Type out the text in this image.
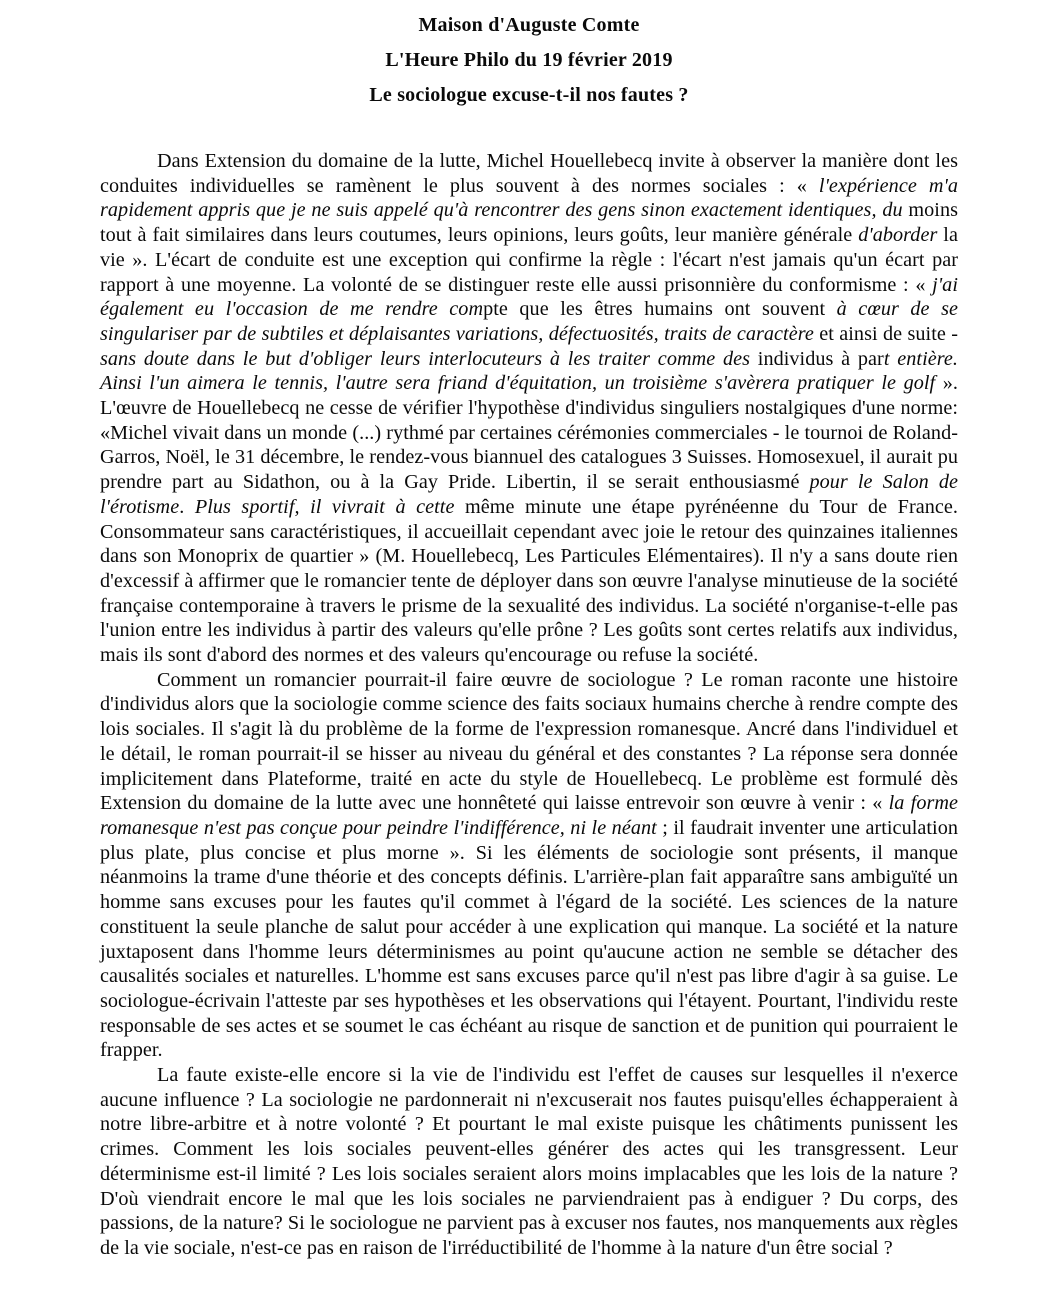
Maison d'Auguste Comte
L'Heure Philo du 19 février 2019
Le sociologue excuse-t-il nos fautes ?

Dans Extension du domaine de la lutte, Michel Houellebecq invite à observer la manière dont les conduites individuelles se ramènent le plus souvent à des normes sociales : « l'expérience m'a rapidement appris que je ne suis appelé qu'à rencontrer des gens sinon exactement identiques, du moins tout à fait similaires dans leurs coutumes, leurs opinions, leurs goûts, leur manière générale d'aborder la vie ». L'écart de conduite est une exception qui confirme la règle : l'écart n'est jamais qu'un écart par rapport à une moyenne. La volonté de se distinguer reste elle aussi prisonnière du conformisme : « j'ai également eu l'occasion de me rendre compte que les êtres humains ont souvent à cœur de se singulariser par de subtiles et déplaisantes variations, défectuosités, traits de caractère et ainsi de suite - sans doute dans le but d'obliger leurs interlocuteurs à les traiter comme des individus à part entière. Ainsi l'un aimera le tennis, l'autre sera friand d'équitation, un troisième s'avèrera pratiquer le golf ». L'œuvre de Houellebecq ne cesse de vérifier l'hypothèse d'individus singuliers nostalgiques d'une norme: «Michel vivait dans un monde (...) rythmé par certaines cérémonies commerciales - le tournoi de Roland-Garros, Noël, le 31 décembre, le rendez-vous biannuel des catalogues 3 Suisses. Homosexuel, il aurait pu prendre part au Sidathon, ou à la Gay Pride. Libertin, il se serait enthousiasmé pour le Salon de l'érotisme. Plus sportif, il vivrait à cette même minute une étape pyrénéenne du Tour de France. Consommateur sans caractéristiques, il accueillait cependant avec joie le retour des quinzaines italiennes dans son Monoprix de quartier » (M. Houellebecq, Les Particules Elémentaires). Il n'y a sans doute rien d'excessif à affirmer que le romancier tente de déployer dans son œuvre l'analyse minutieuse de la société française contemporaine à travers le prisme de la sexualité des individus. La société n'organise-t-elle pas l'union entre les individus à partir des valeurs qu'elle prône ? Les goûts sont certes relatifs aux individus, mais ils sont d'abord des normes et des valeurs qu'encourage ou refuse la société.

Comment un romancier pourrait-il faire œuvre de sociologue ? Le roman raconte une histoire d'individus alors que la sociologie comme science des faits sociaux humains cherche à rendre compte des lois sociales. Il s'agit là du problème de la forme de l'expression romanesque. Ancré dans l'individuel et le détail, le roman pourrait-il se hisser au niveau du général et des constantes ? La réponse sera donnée implicitement dans Plateforme, traité en acte du style de Houellebecq. Le problème est formulé dès Extension du domaine de la lutte avec une honnêteté qui laisse entrevoir son œuvre à venir : « la forme romanesque n'est pas conçue pour peindre l'indifférence, ni le néant ; il faudrait inventer une articulation plus plate, plus concise et plus morne ». Si les éléments de sociologie sont présents, il manque néanmoins la trame d'une théorie et des concepts définis. L'arrière-plan fait apparaître sans ambiguïté un homme sans excuses pour les fautes qu'il commet à l'égard de la société. Les sciences de la nature constituent la seule planche de salut pour accéder à une explication qui manque. La société et la nature juxtaposent dans l'homme leurs déterminismes au point qu'aucune action ne semble se détacher des causalités sociales et naturelles. L'homme est sans excuses parce qu'il n'est pas libre d'agir à sa guise. Le sociologue-écrivain l'atteste par ses hypothèses et les observations qui l'étayent. Pourtant, l'individu reste responsable de ses actes et se soumet le cas échéant au risque de sanction et de punition qui pourraient le frapper.

La faute existe-elle encore si la vie de l'individu est l'effet de causes sur lesquelles il n'exerce aucune influence ? La sociologie ne pardonnerait ni n'excuserait nos fautes puisqu'elles échapperaient à notre libre-arbitre et à notre volonté ? Et pourtant le mal existe puisque les châtiments punissent les crimes. Comment les lois sociales peuvent-elles générer des actes qui les transgressent. Leur déterminisme est-il limité ? Les lois sociales seraient alors moins implacables que les lois de la nature ? D'où viendrait encore le mal que les lois sociales ne parviendraient pas à endiguer ? Du corps, des passions, de la nature? Si le sociologue ne parvient pas à excuser nos fautes, nos manquements aux règles de la vie sociale, n'est-ce pas en raison de l'irréductibilité de l'homme à la nature d'un être social ?
